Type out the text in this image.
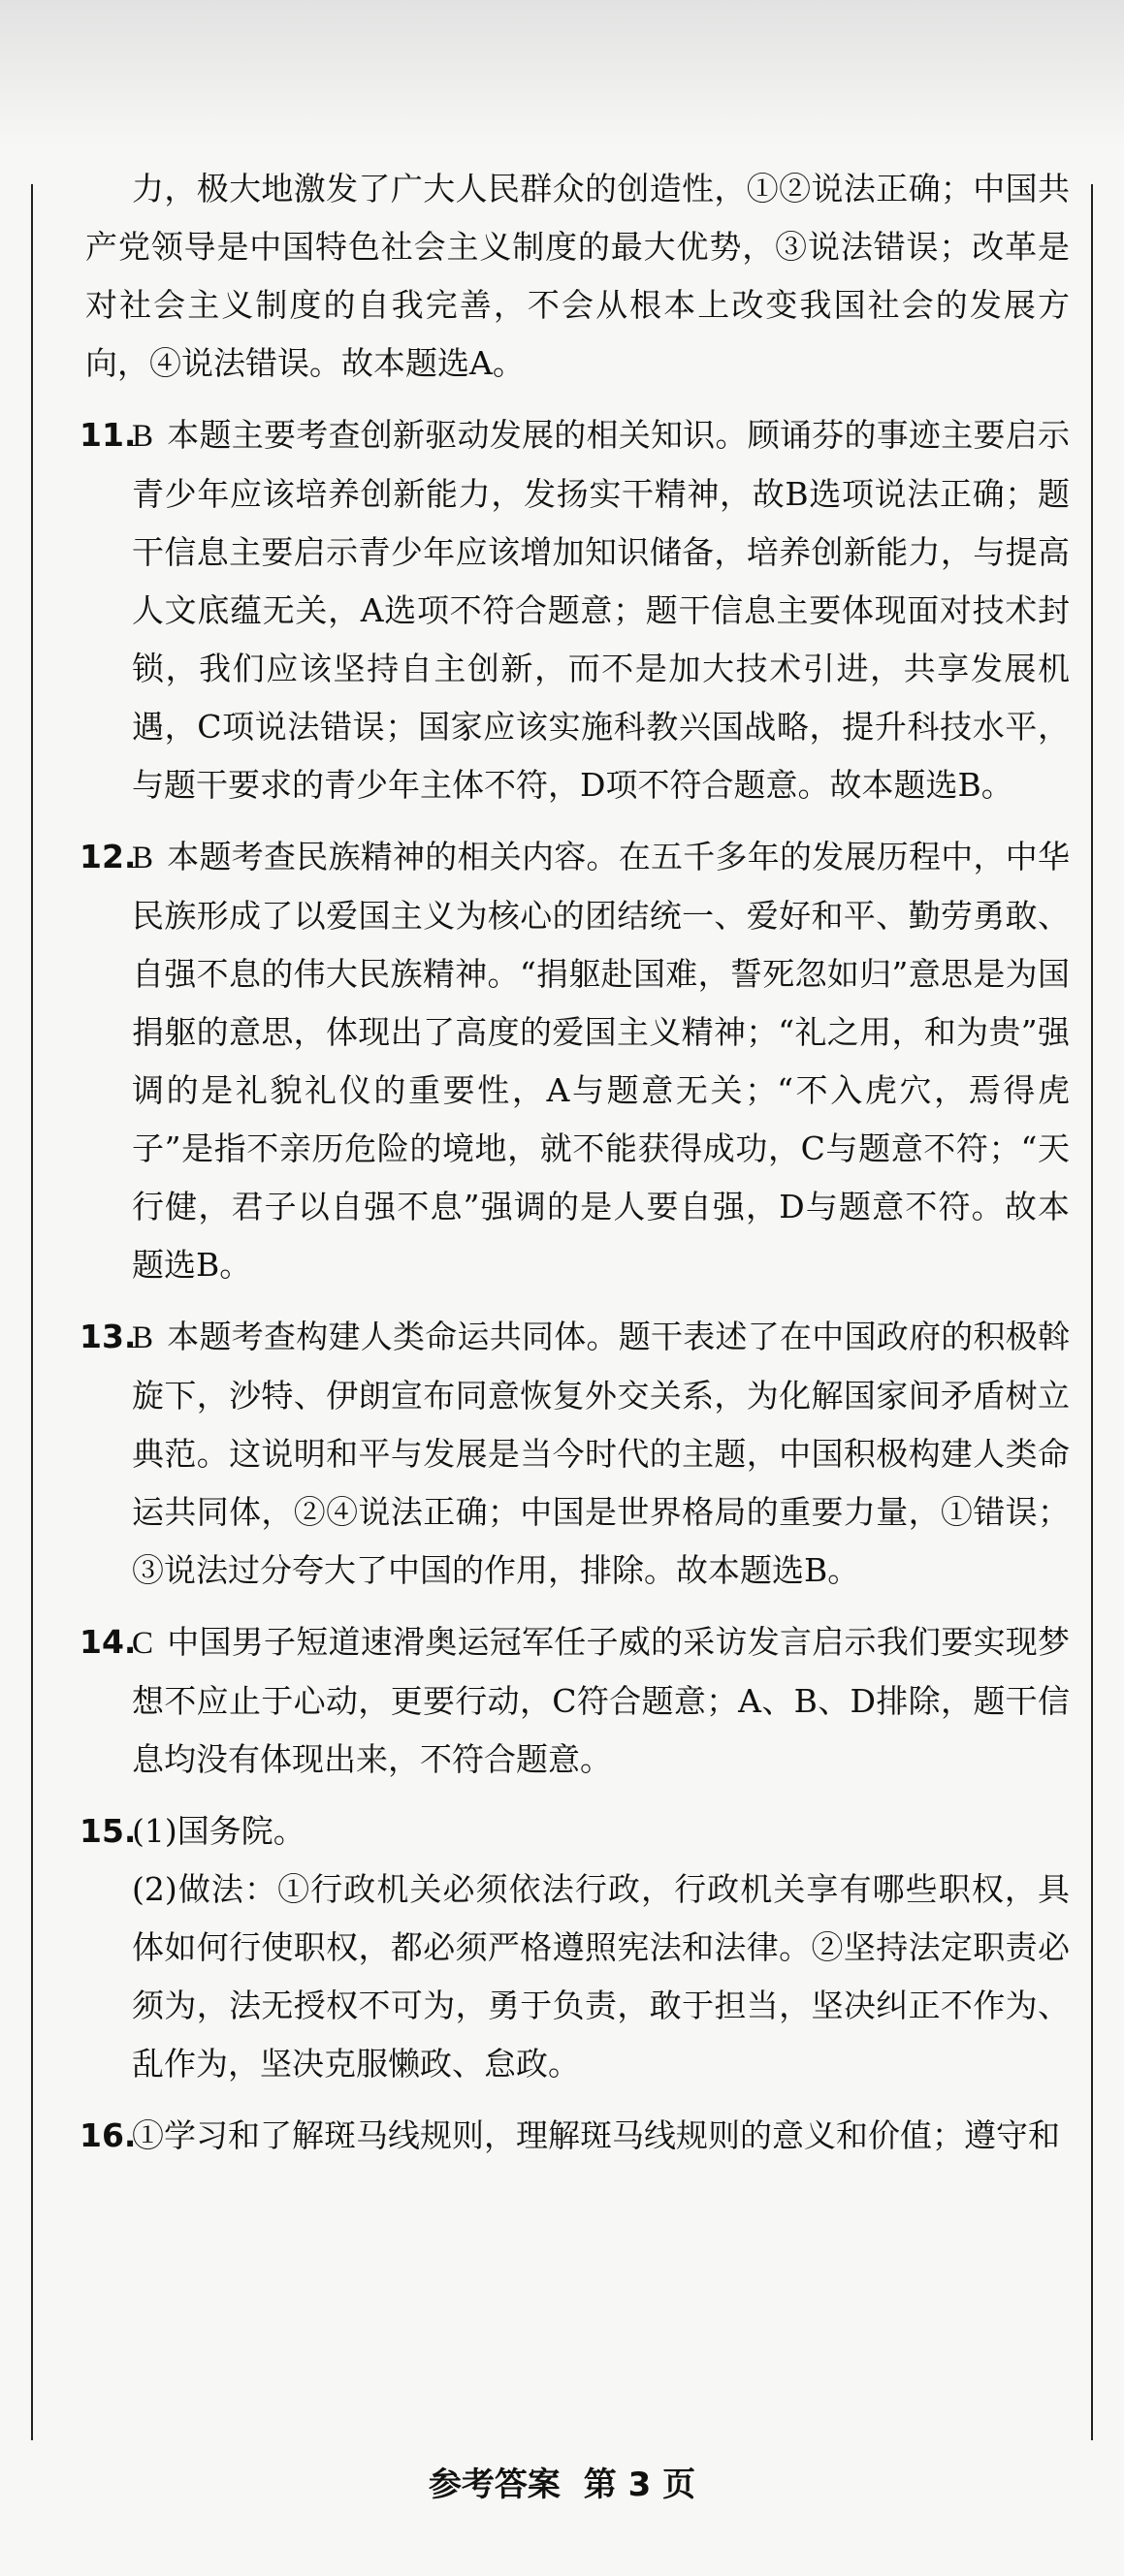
力，极大地激发了广大人民群众的创造性，①②说法正确；中国共产党领导是中国特色社会主义制度的最大优势，③说法错误；改革是对社会主义制度的自我完善，不会从根本上改变我国社会的发展方向，④说法错误。故本题选A。

11.
B 本题主要考查创新驱动发展的相关知识。顾诵芬的事迹主要启示青少年应该培养创新能力，发扬实干精神，故B选项说法正确；题干信息主要启示青少年应该增加知识储备，培养创新能力，与提高人文底蕴无关，A选项不符合题意；题干信息主要体现面对技术封锁，我们应该坚持自主创新，而不是加大技术引进，共享发展机遇，C项说法错误；国家应该实施科教兴国战略，提升科技水平，与题干要求的青少年主体不符，D项不符合题意。故本题选B。
12.
B 本题考查民族精神的相关内容。在五千多年的发展历程中，中华民族形成了以爱国主义为核心的团结统一、爱好和平、勤劳勇敢、自强不息的伟大民族精神。“捐躯赴国难，誓死忽如归”意思是为国捐躯的意思，体现出了高度的爱国主义精神；“礼之用，和为贵”强调的是礼貌礼仪的重要性，A与题意无关；“不入虎穴，焉得虎子”是指不亲历危险的境地，就不能获得成功，C与题意不符；“天行健，君子以自强不息”强调的是人要自强，D与题意不符。故本题选B。
13.
B 本题考查构建人类命运共同体。题干表述了在中国政府的积极斡旋下，沙特、伊朗宣布同意恢复外交关系，为化解国家间矛盾树立典范。这说明和平与发展是当今时代的主题，中国积极构建人类命运共同体，②④说法正确；中国是世界格局的重要力量，①错误；③说法过分夸大了中国的作用，排除。故本题选B。
14.
C 中国男子短道速滑奥运冠军任子威的采访发言启示我们要实现梦想不应止于心动，更要行动，C符合题意；A、B、D排除，题干信息均没有体现出来，不符合题意。
15.
(1)国务院。
(2)做法：①行政机关必须依法行政，行政机关享有哪些职权，具体如何行使职权，都必须严格遵照宪法和法律。②坚持法定职责必须为，法无授权不可为，勇于负责，敢于担当，坚决纠正不作为、乱作为，坚决克服懒政、怠政。
16.
①学习和了解斑马线规则，理解斑马线规则的意义和价值；遵守和
参考答案 第 3 页
